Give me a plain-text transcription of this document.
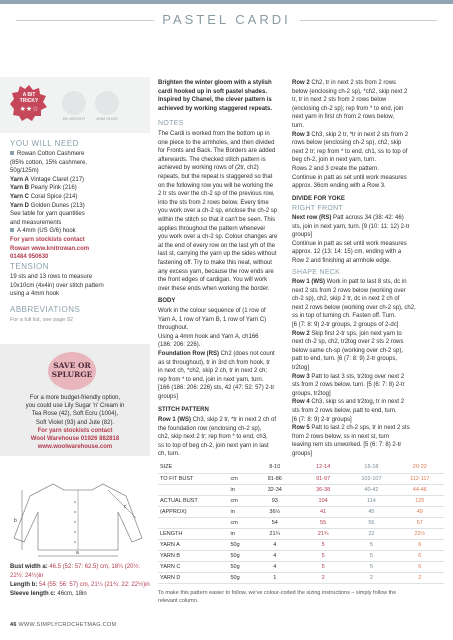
PASTEL CARDI
A BIT
TRICKY
★★☆
DK WEIGHT	4MM HOOK
YOU WILL NEED
Rowan Cotton Cashmere
(85% cotton, 15% cashmere,
50g/125m)
Yarn A Vintage Claret (217)
Yarn B Pearly Pink (216)
Yarn C Coral Spice (214)
Yarn D Golden Dunes (213)
See table for yarn quantities
and measurements
A 4mm (US G/6) hook
For yarn stockists contact
Rowan www.knitrowan.com
01484 950630
TENSION
19 sts and 13 rows to measure
10x10cm (4x4in) over stitch pattern
using a 4mm hook
ABBREVIATIONS
For a full list, see page 92
SAVE OR
SPLURGE
For a more budget-friendly option,
you could use Lily Sugar 'n' Cream in
Tea Rose (42), Soft Ecru (1004),
Soft Violet (93) and Jute (82).
For yarn stockists contact
Wool Warehouse 01926 882818
www.woolwarehouse.com
Brighten the winter gloom with a stylish
cardi hooked up in soft pastel shades.
Inspired by Chanel, the clever pattern is
achieved by working staggered repeats.
NOTES
The Cardi is worked from the bottom up in
one piece to the armholes, and then divided
for Fronts and Back. The Borders are added
afterwards. The checked stitch pattern is
achieved by working rows of (2tr, ch2)
repeats, but the repeat is staggered so that
on the following row you will be working the
2 tr sts over the ch-2 sp of the previous row,
into the sts from 2 rows below. Every time
you work over a ch-2 sp, enclose the ch-2 sp
within the stitch so that it can't be seen. This
applies throughout the pattern whenever
you work over a ch-2 sp. Colour changes are
at the end of every row on the last yrh of the
last st, carrying the yarn up the sides without
fastening off. Try to make this neat, without
any excess yarn, because the row ends are
the front edges of cardigan. You will work
over these ends when working the border.
BODY
Work in the colour sequence of (1 row of
Yarn A, 1 row of Yarn B, 1 row of Yarn C)
throughout.
Using a 4mm hook and Yarn A, ch166
(186: 206: 226).
Foundation Row (RS) Ch2 (does not count
as st throughout), tr in 3rd ch from hook, tr
in next ch, *ch2, skip 2 ch, tr in next 2 ch;
rep from * to end, join in next yarn, turn.
[166 (186: 206: 226) sts, 42 (47: 52: 57) 2-tr
groups]
STITCH PATTERN
Row 1 (WS) Ch3, skip 2 tr, *tr in next 2 ch of
the foundation row (enclosing ch-2 sp),
ch2, skip next 2 tr; rep from * to end, ch3,
ss to top of beg ch-2, join next yarn in last
ch, turn.
Row 2 Ch2, tr in next 2 sts from 2 rows
below (enclosing ch-2 sp), *ch2, skip next 2
tr, tr in next 2 sts from 2 rows below
(enclosing ch-2 sp); rep from * to end, join
next yarn in first ch from 2 rows below,
turn.
Row 3 Ch3, skip 2 tr, *tr in next 2 sts from 2
rows below (enclosing ch-2 sp), ch2, skip
next 2 tr; rep from * to end, ch1, ss to top of
beg ch-2, join in next yarn, turn.
Rows 2 and 3 create the pattern.
Continue in patt as set until work measures
approx. 36cm ending with a Row 3.
DIVIDE FOR YOKE
RIGHT FRONT
Next row (RS) Patt across 34 (38: 42: 46)
sts, join in next yarn, turn. [9 (10: 11: 12) 2-tr
groups]
Continue in patt as set until work measures
approx. 12 (13: 14: 15) cm, ending with a
Row 2 and finishing at armhole edge.
SHAPE NECK
Row 1 (WS) Work in patt to last 8 sts, dc in
next 2 sts from 2 rows below (working over
ch-2 sp), ch2, skip 2 tr, dc in next 2 ch of
next 2 rows below (working over ch-2 sp), ch2,
ss in top of turning ch. Fasten off. Turn.
[6 (7: 8: 9) 2-tr groups, 2 groups of 2-dc]
Row 2 Skip first 2-tr sps, join next yarn to
next ch-2 sp, ch2, tr2tog over 2 sts 2 rows
below same ch-sp (working over ch-2 sp),
patt to end, turn. [6 (7: 8: 9) 2-tr groups,
tr2tog]
Row 3 Patt to last 3 sts, tr2tog over next 2
sts from 2 rows below, turn. [5 (6: 7: 8) 2-tr
groups, tr2tog]
Row 4 Ch3, skip ss and tr2tog, tr in next 2
sts from 2 rows below, patt to end, turn.
[6 (7: 8: 9) 2-tr groups]
Row 5 Patt to last 2 ch-2 sps, tr in next 2 sts
from 2 rows below, ss in next st, turn
leaving rem sts unworked. [5 (6: 7: 8) 2-tr
groups]
SIZE		8-10	12-14	16-18	20-22
TO FIT BUST	cm	81-86	91-97	102-107	112-117
	in	32-34	36-38	40-42	44-46
ACTUAL BUST	cm	93	104	114	125
(APPROX)	in	36½	41	45	49
	cm	54	55	56	57
LENGTH	in	21¼	21¾	22	22½
YARN A	50g	4	5	5	6
YARN B	50g	4	5	5	6
YARN C	50g	4	5	5	6
YARN D	50g	1	2	2	2
To make this pattern easier to follow, we've colour-coded the sizing instructions – simply follow the
relevant column.
a
b
c
Bust width a: 46.5 (52: 57: 62.5) cm, 18¼ (20½: 22½: 24½)in
Length b: 54 (55: 56: 57) cm, 21¼ (21¾: 22: 22½)in
Sleeve length c: 46cm, 18in
46 WWW.SIMPLYCROCHETMAG.COM
